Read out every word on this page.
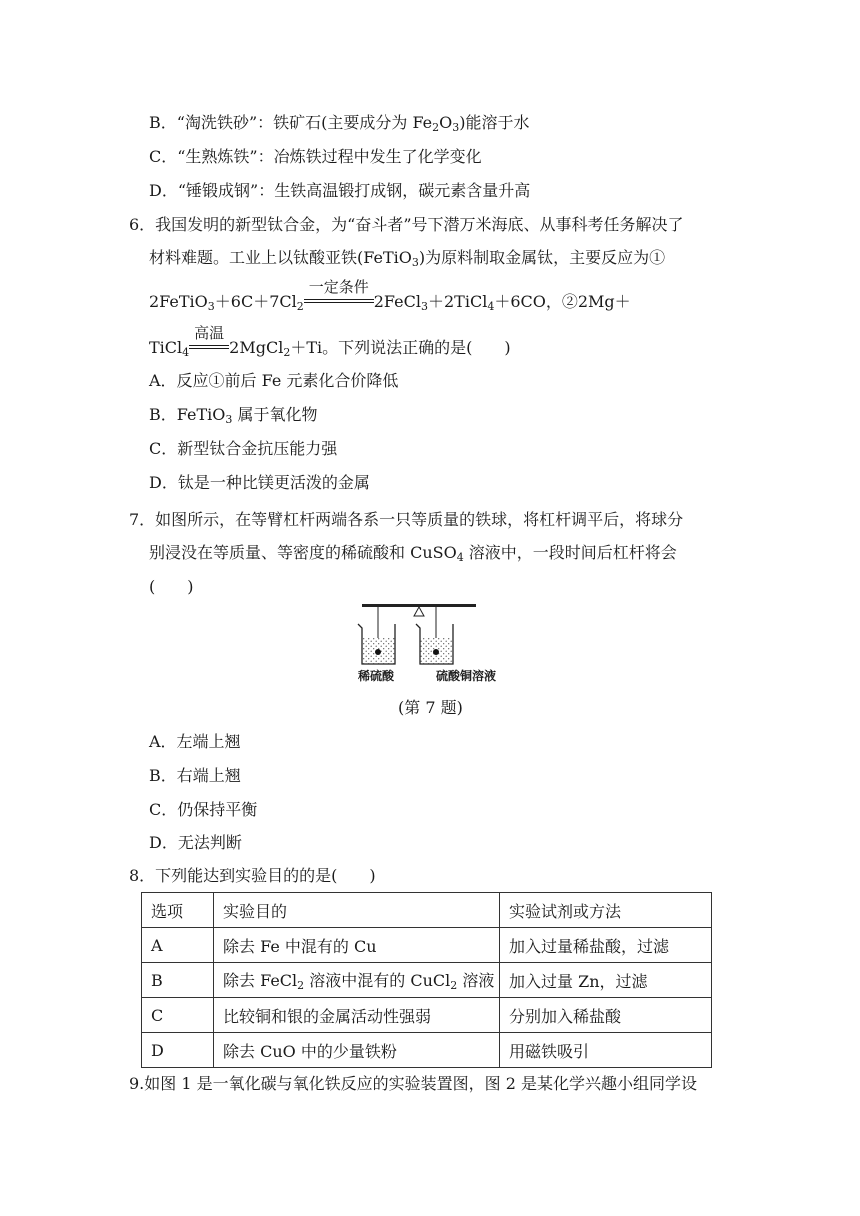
B．“淘洗铁砂”：铁矿石(主要成分为 $Fe_2O_3$)能溶于水
C．“生熟炼铁”：冶炼铁过程中发生了化学变化
D．“锤锻成钢”：生铁高温锻打成钢，碳元素含量升高
6．我国发明的新型钛合金，为“奋斗者”号下潜万米海底、从事科考任务解决了
材料难题。工业上以钛酸亚铁(FeTiO$_3$)为原料制取金属钛，主要反应为①
$2FeTiO_3+6C+7Cl_2$
一定条件
2FeCl$_3$＋2TiCl$_4$＋6CO，②2Mg＋
TiCl$_4$
高温
2MgCl$_2$＋Ti。下列说法正确的是(　　)
A．反应①前后 Fe 元素化合价降低
B．FeTiO$_3$ 属于氧化物
C．新型钛合金抗压能力强
D．钛是一种比镁更活泼的金属
7．如图所示，在等臂杠杆两端各系一只等质量的铁球，将杠杆调平后，将球分
别浸没在等质量、等密度的稀硫酸和 CuSO$_4$ 溶液中，一段时间后杠杆将会
(　　)
稀硫酸	硫酸铜溶液
(第 7 题)
A．左端上翘
B．右端上翘
C．仍保持平衡
D．无法判断
8．下列能达到实验目的的是(　　)
选项	实验目的	实验试剂或方法
A	除去 Fe 中混有的 Cu	加入过量稀盐酸，过滤
B	除去 FeCl$_2$ 溶液中混有的 CuCl$_2$ 溶液	加入过量 Zn，过滤
C	比较铜和银的金属活动性强弱	分别加入稀盐酸
D	除去 CuO 中的少量铁粉	用磁铁吸引
9.如图 1 是一氧化碳与氧化铁反应的实验装置图，图 2 是某化学兴趣小组同学设
